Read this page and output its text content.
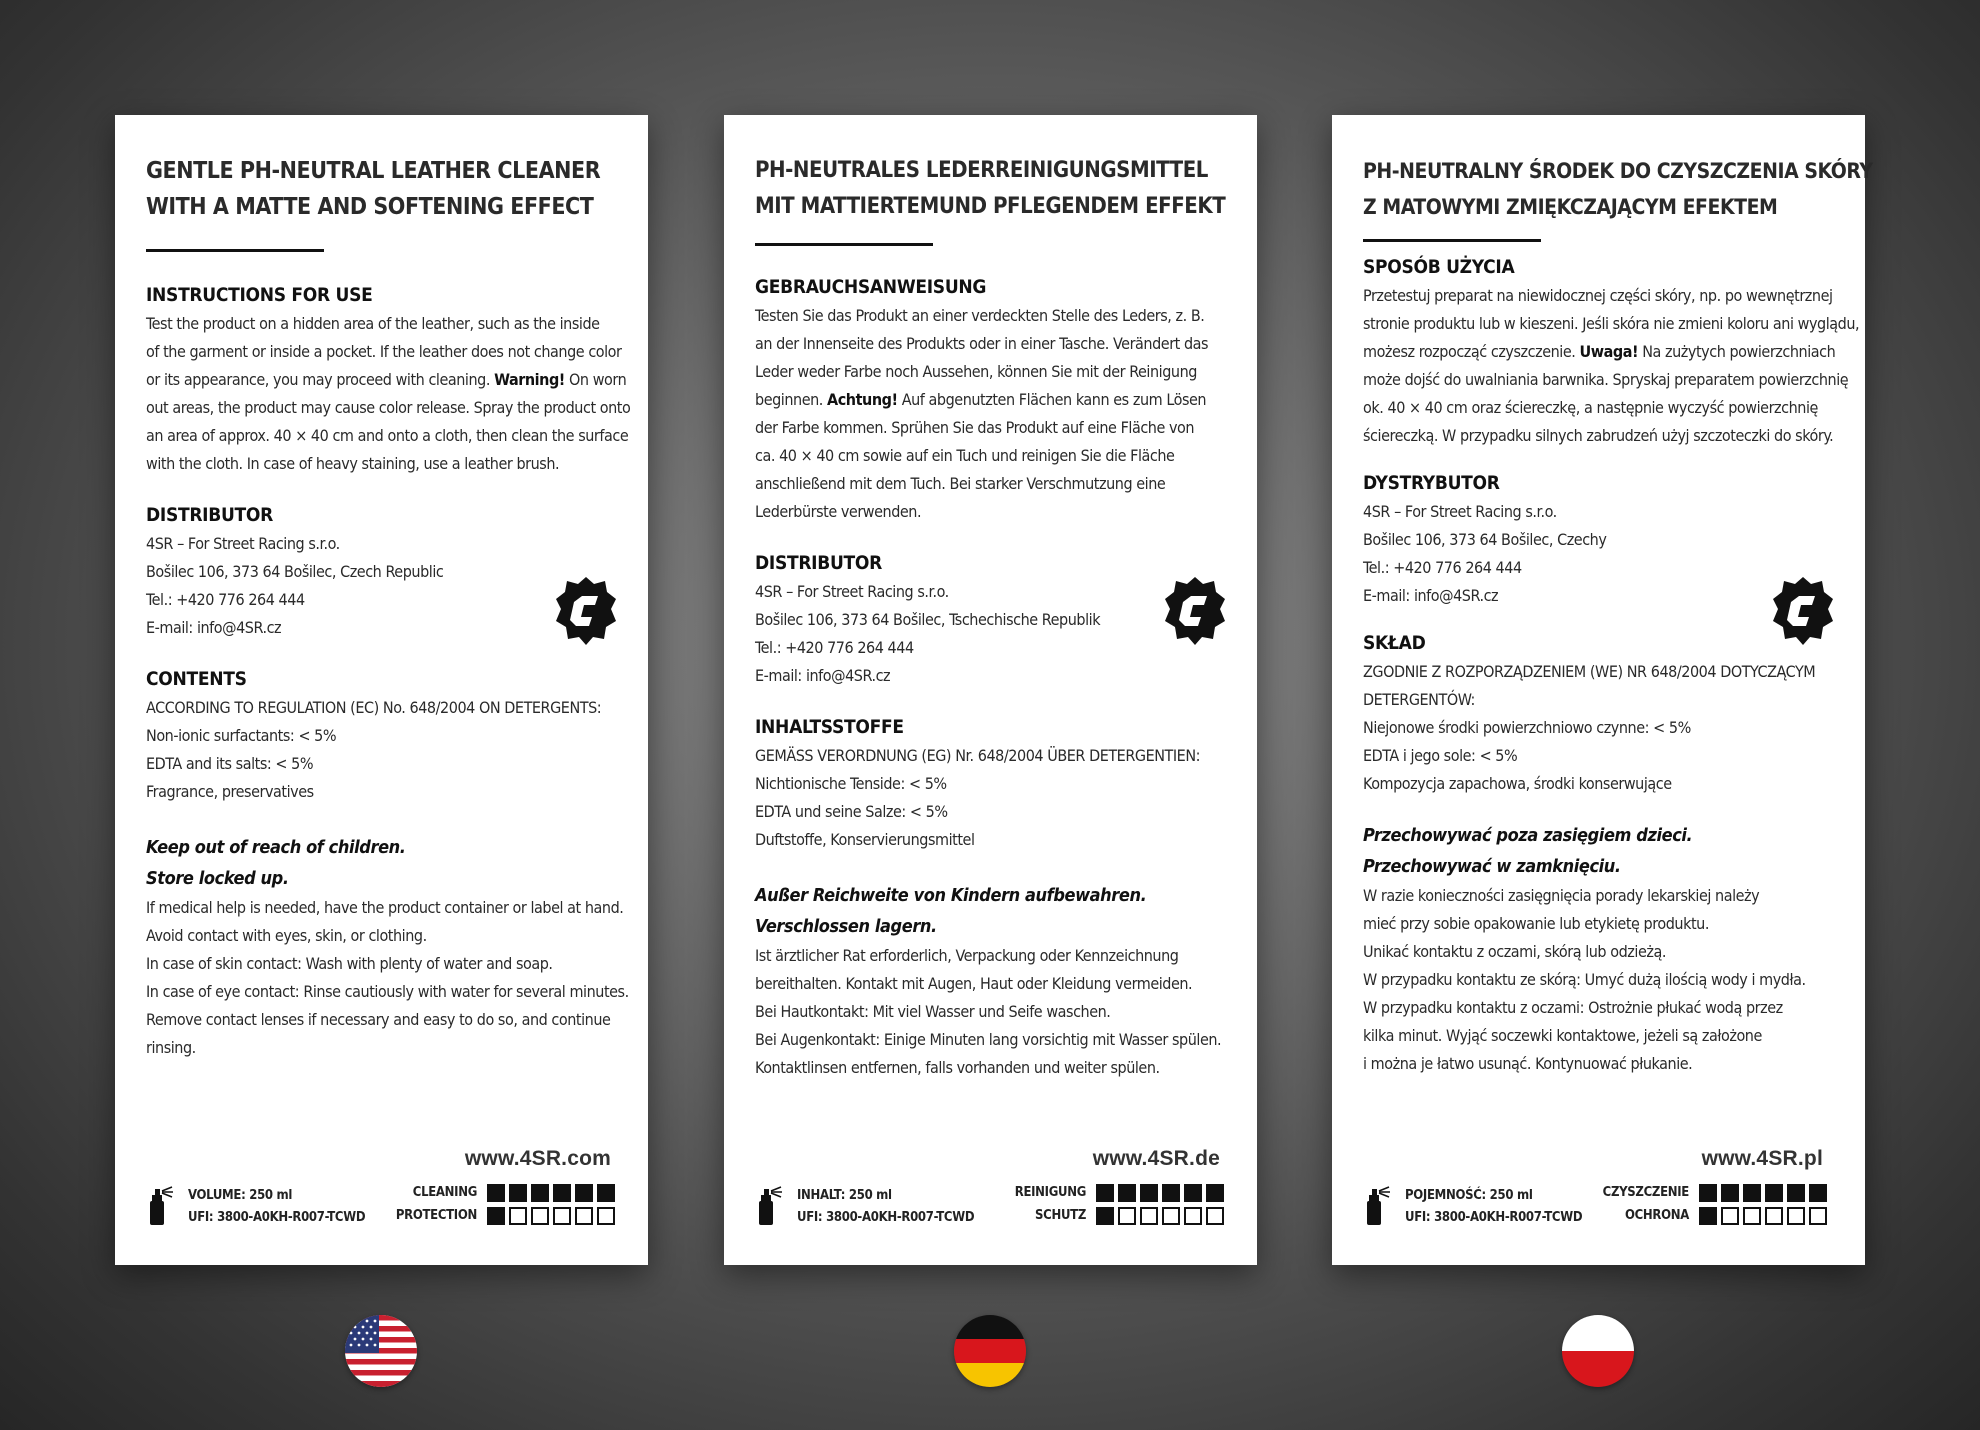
GENTLE PH-NEUTRAL LEATHER CLEANER
WITH A MATTE AND SOFTENING EFFECT
INSTRUCTIONS FOR USE
Test the product on a hidden area of the leather, such as the inside
of the garment or inside a pocket. If the leather does not change color
or its appearance, you may proceed with cleaning. Warning! On worn
out areas, the product may cause color release. Spray the product onto
an area of approx. 40 × 40 cm and onto a cloth, then clean the surface
with the cloth. In case of heavy staining, use a leather brush.
DISTRIBUTOR
4SR – For Street Racing s.r.o.
Bošilec 106, 373 64 Bošilec, Czech Republic
Tel.: +420 776 264 444
E-mail: info@4SR.cz
CONTENTS
ACCORDING TO REGULATION (EC) No. 648/2004 ON DETERGENTS:
Non-ionic surfactants: < 5%
EDTA and its salts: < 5%
Fragrance, preservatives
Keep out of reach of children.
Store locked up.
If medical help is needed, have the product container or label at hand.
Avoid contact with eyes, skin, or clothing.
In case of skin contact: Wash with plenty of water and soap.
In case of eye contact: Rinse cautiously with water for several minutes.
Remove contact lenses if necessary and easy to do so, and continue
rinsing.
www.4SR.com
VOLUME: 250 ml
UFI: 3800-A0KH-R007-TCWD
CLEANING
PROTECTION
PH-NEUTRALES LEDERREINIGUNGSMITTEL
MIT MATTIERTEMUND PFLEGENDEM EFFEKT
GEBRAUCHSANWEISUNG
Testen Sie das Produkt an einer verdeckten Stelle des Leders, z. B.
an der Innenseite des Produkts oder in einer Tasche. Verändert das
Leder weder Farbe noch Aussehen, können Sie mit der Reinigung
beginnen. Achtung! Auf abgenutzten Flächen kann es zum Lösen
der Farbe kommen. Sprühen Sie das Produkt auf eine Fläche von
ca. 40 × 40 cm sowie auf ein Tuch und reinigen Sie die Fläche
anschließend mit dem Tuch. Bei starker Verschmutzung eine
Lederbürste verwenden.
DISTRIBUTOR
4SR – For Street Racing s.r.o.
Bošilec 106, 373 64 Bošilec, Tschechische Republik
Tel.: +420 776 264 444
E-mail: info@4SR.cz
INHALTSSTOFFE
GEMÄSS VERORDNUNG (EG) Nr. 648/2004 ÜBER DETERGENTIEN:
Nichtionische Tenside: < 5%
EDTA und seine Salze: < 5%
Duftstoffe, Konservierungsmittel
Außer Reichweite von Kindern aufbewahren.
Verschlossen lagern.
Ist ärztlicher Rat erforderlich, Verpackung oder Kennzeichnung
bereithalten. Kontakt mit Augen, Haut oder Kleidung vermeiden.
Bei Hautkontakt: Mit viel Wasser und Seife waschen.
Bei Augenkontakt: Einige Minuten lang vorsichtig mit Wasser spülen.
Kontaktlinsen entfernen, falls vorhanden und weiter spülen.
www.4SR.de
INHALT: 250 ml
UFI: 3800-A0KH-R007-TCWD
REINIGUNG
SCHUTZ
PH-NEUTRALNY ŚRODEK DO CZYSZCZENIA SKÓRY
Z MATOWYMI ZMIĘKCZAJĄCYM EFEKTEM
SPOSÓB UŻYCIA
Przetestuj preparat na niewidocznej części skóry, np. po wewnętrznej
stronie produktu lub w kieszeni. Jeśli skóra nie zmieni koloru ani wyglądu,
możesz rozpocząć czyszczenie. Uwaga! Na zużytych powierzchniach
może dojść do uwalniania barwnika. Spryskaj preparatem powierzchnię
ok. 40 × 40 cm oraz ściereczkę, a następnie wyczyść powierzchnię
ściereczką. W przypadku silnych zabrudzeń użyj szczoteczki do skóry.
DYSTRYBUTOR
4SR – For Street Racing s.r.o.
Bošilec 106, 373 64 Bošilec, Czechy
Tel.: +420 776 264 444
E-mail: info@4SR.cz
SKŁAD
ZGODNIE Z ROZPORZĄDZENIEM (WE) NR 648/2004 DOTYCZĄCYM
DETERGENTÓW:
Niejonowe środki powierzchniowo czynne: < 5%
EDTA i jego sole: < 5%
Kompozycja zapachowa, środki konserwujące
Przechowywać poza zasięgiem dzieci.
Przechowywać w zamknięciu.
W razie konieczności zasięgnięcia porady lekarskiej należy
mieć przy sobie opakowanie lub etykietę produktu.
Unikać kontaktu z oczami, skórą lub odzieżą.
W przypadku kontaktu ze skórą: Umyć dużą ilością wody i mydła.
W przypadku kontaktu z oczami: Ostrożnie płukać wodą przez
kilka minut. Wyjąć soczewki kontaktowe, jeżeli są założone
i można je łatwo usunąć. Kontynuować płukanie.
www.4SR.pl
POJEMNOŚĆ: 250 ml
UFI: 3800-A0KH-R007-TCWD
CZYSZCZENIE
OCHRONA
